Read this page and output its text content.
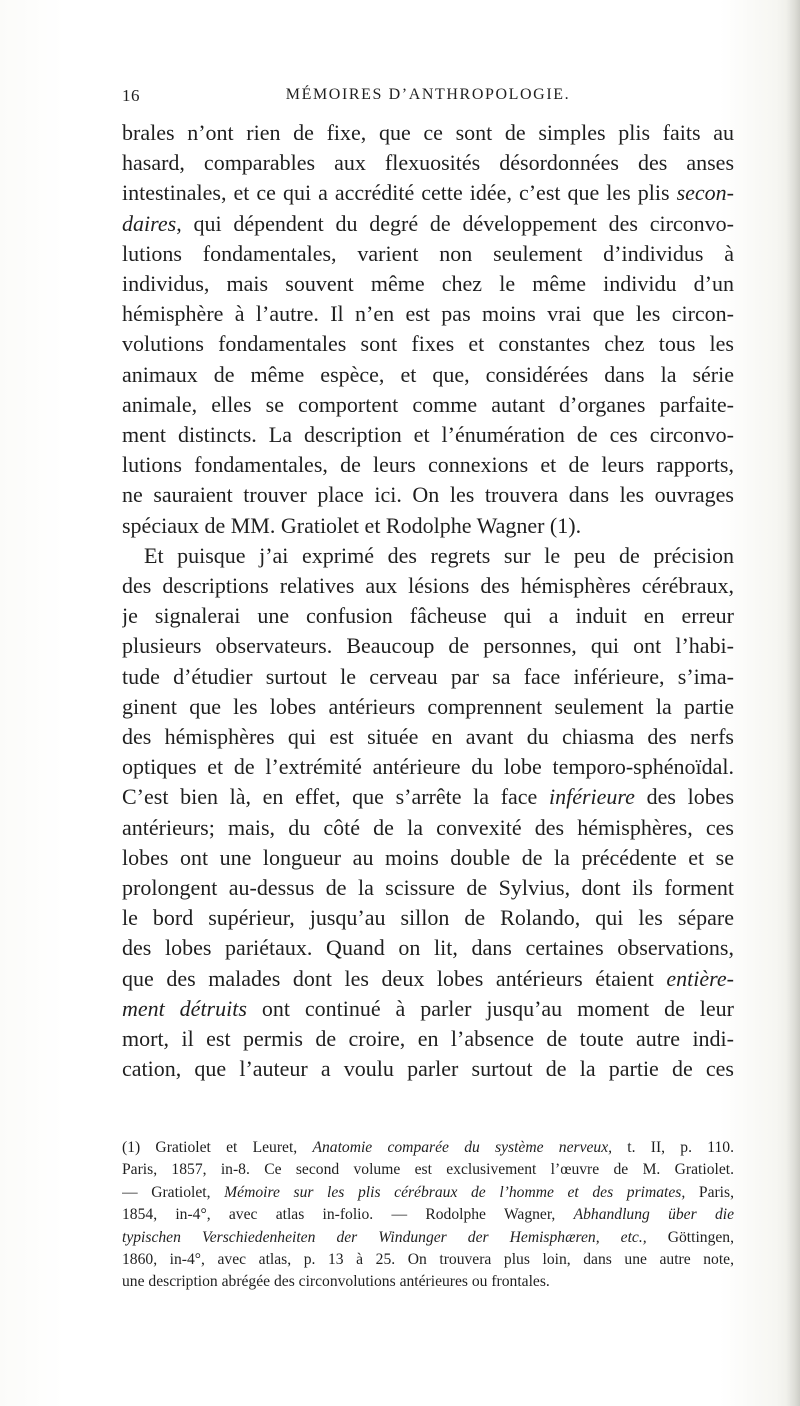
16	MÉMOIRES D’ANTHROPOLOGIE.
brales n’ont rien de fixe, que ce sont de simples plis faits au
hasard, comparables aux flexuosités désordonnées des anses
intestinales, et ce qui a accrédité cette idée, c’est que les plis secon-
daires, qui dépendent du degré de développement des circonvo-
lutions fondamentales, varient non seulement d’individus à
individus, mais souvent même chez le même individu d’un
hémisphère à l’autre. Il n’en est pas moins vrai que les circon-
volutions fondamentales sont fixes et constantes chez tous les
animaux de même espèce, et que, considérées dans la série
animale, elles se comportent comme autant d’organes parfaite-
ment distincts. La description et l’énumération de ces circonvo-
lutions fondamentales, de leurs connexions et de leurs rapports,
ne sauraient trouver place ici. On les trouvera dans les ouvrages
spéciaux de MM. Gratiolet et Rodolphe Wagner (1).
Et puisque j’ai exprimé des regrets sur le peu de précision
des descriptions relatives aux lésions des hémisphères cérébraux,
je signalerai une confusion fâcheuse qui a induit en erreur
plusieurs observateurs. Beaucoup de personnes, qui ont l’habi-
tude d’étudier surtout le cerveau par sa face inférieure, s’ima-
ginent que les lobes antérieurs comprennent seulement la partie
des hémisphères qui est située en avant du chiasma des nerfs
optiques et de l’extrémité antérieure du lobe temporo-sphénoïdal.
C’est bien là, en effet, que s’arrête la face inférieure des lobes
antérieurs; mais, du côté de la convexité des hémisphères, ces
lobes ont une longueur au moins double de la précédente et se
prolongent au-dessus de la scissure de Sylvius, dont ils forment
le bord supérieur, jusqu’au sillon de Rolando, qui les sépare
des lobes pariétaux. Quand on lit, dans certaines observations,
que des malades dont les deux lobes antérieurs étaient entière-
ment détruits ont continué à parler jusqu’au moment de leur
mort, il est permis de croire, en l’absence de toute autre indi-
cation, que l’auteur a voulu parler surtout de la partie de ces
(1) Gratiolet et Leuret, Anatomie comparée du système nerveux, t. II, p. 110.
Paris, 1857, in-8. Ce second volume est exclusivement l’œuvre de M. Gratiolet.
— Gratiolet, Mémoire sur les plis cérébraux de l’homme et des primates, Paris,
1854, in-4°, avec atlas in-folio. — Rodolphe Wagner, Abhandlung über die
typischen Verschiedenheiten der Windunger der Hemisphæren, etc., Göttingen,
1860, in-4°, avec atlas, p. 13 à 25. On trouvera plus loin, dans une autre note,
une description abrégée des circonvolutions antérieures ou frontales.
